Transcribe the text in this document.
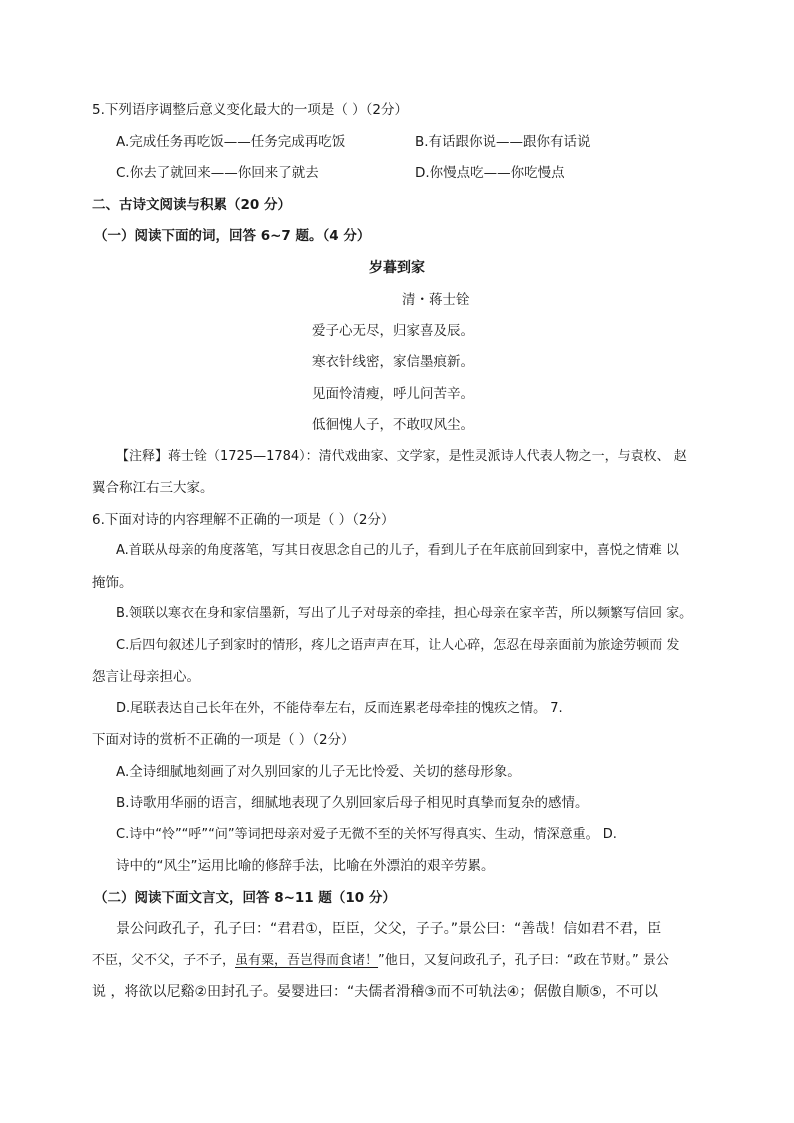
5.下列语序调整后意义变化最大的一项是（ ）（2分）
A.完成任务再吃饭——任务完成再吃饭	B.有话跟你说——跟你有话说
C.你去了就回来——你回来了就去	D.你慢点吃——你吃慢点
二、古诗文阅读与积累（20 分）
（一）阅读下面的词，回答 6~7 题。（4 分）
岁暮到家
清・蒋士铨
爱子心无尽，归家喜及辰。
寒衣针线密，家信墨痕新。
见面怜清瘦，呼儿问苦辛。
低徊愧人子，不敢叹风尘。
【注释】蒋士铨（1725—1784）：清代戏曲家、文学家，是性灵派诗人代表人物之一，与袁枚、 赵
翼合称江右三大家。
6.下面对诗的内容理解不正确的一项是（ ）（2分）
A.首联从母亲的角度落笔，写其日夜思念自己的儿子，看到儿子在年底前回到家中，喜悦之情难 以
掩饰。
B.领联以寒衣在身和家信墨新，写出了儿子对母亲的牵挂，担心母亲在家辛苦，所以频繁写信回 家。
C.后四句叙述儿子到家时的情形，疼儿之语声声在耳，让人心碎，怎忍在母亲面前为旅途劳顿而 发
怨言让母亲担心。
D.尾联表达自己长年在外，不能侍奉左右，反而连累老母牵挂的愧疚之情。 7.
下面对诗的赏析不正确的一项是（ ）（2分）
A.全诗细腻地刻画了对久别回家的儿子无比怜爱、关切的慈母形象。
B.诗歌用华丽的语言，细腻地表现了久别回家后母子相见时真挚而复杂的感情。
C.诗中“怜”“呼”“问”等词把母亲对爱子无微不至的关怀写得真实、生动，情深意重。 D.
诗中的“风尘”运用比喻的修辞手法，比喻在外漂泊的艰辛劳累。
（二）阅读下面文言文，回答 8~11 题（10 分）
景公问政孔子，孔子曰：“君君①，臣臣，父父，子子。”景公曰：“善哉！信如君不君，臣
不臣，父不父，子不子，虽有粟，吾岂得而食诸！”他日，又复问政孔子，孔子曰：“政在节财。” 景公
说 ，将欲以尼谿②田封孔子。晏婴进曰：“夫儒者滑稽③而不可轨法④；倨傲自顺⑤，不可以
